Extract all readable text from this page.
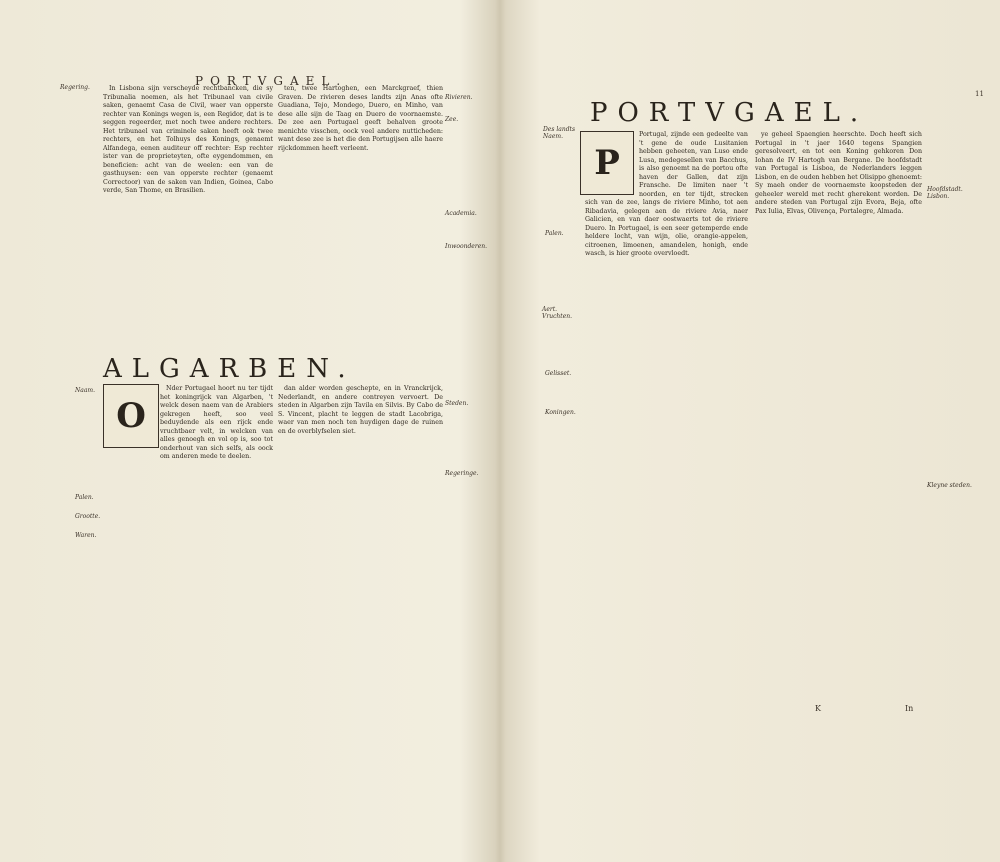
PORTVGAEL.
Regering.
Rivieren.
Zee.
Academia.
Inwoonderen.

In Lisbona sijn verscheyde rechtbancken, die sy Tribunalia noemen, als het Tribunael van civile saken, genaemt Casa de Civil, waer van opperste rechter van Konings wegen is, een Regidor, dat is te seggen regeerder, met noch twee andere rechters. Het tribunael van criminele saken heeft ook twee rechters, en het Tolhuys des Konings, genaemt Alfandega, eenen auditeur off rechter: Esp rechter ister van de proprieteyten, ofte eygendommen, en beneficien: acht van de weelen: een van de gasthuysen: een van opperste rechter (genaemt Correctoor) van de saken van Indien, Goinea, Cabo verde, San Thome, en Brasilien.

ten, twee Hartoghen, een Marckgraef, thien Graven. De rivieren deses landts zijn Anas ofte Guadiana, Tejo, Mondego, Duero, en Minho, van dese alle sijn de Taag en Duero de voornaemste. De zee aen Portugael geeft behalven groote menichte visschen, oock veel andere nutticheden: want dese zee is het die den Portugijsen alle haere rijckdommen heeft verleent.

ALGARBEN.
Naam.
Steden.
Regeringe.
Palen.
Grootte.
Waren.
O

Nder Portugael hoort nu ter tijdt het koningrijck van Algarben, 't welck desen naem van de Arabiers gekregen heeft, soo veel beduydende als een rijck ende vruchtbaer velt, in welcken van alles genoegh en vol op is, soo tot onderhout van sich selfs, als oock om anderen mede te deelen.

dan alder worden geschepte, en in Vranckrijck, Nederlandt, en andere contreyen vervoert. De steden in Algarben zijn Tavila en Silvis. By Cabo de S. Vincent, placht te leggen de stadt Lacobriga, waer van men noch ten huydigen dage de ruinen en de overblyfselen siet.

PORTVGAEL.
11
Des landts Naem.
Palen.
Aert. Vruchten.
Gelisset.
Koningen.
Hoofdstadt. Lisbon.
Kleyne steden.
P

Portugal, zijnde een gedeelte van 't gene de oude Lusitanien hebben geheeten, van Luso ende Lusa, medegesellen van Bacchus, is also genoemt na de portou ofte haven der Gallen, dat zijn Fransche. De limiten naer 't noorden, en ter tijdt, strecken sich van de zee, langs de riviere Minho, tot aen Ribadavia, gelegen aen de riviere Avia, naer Galicien, en van daer oostwaerts tot de riviere Duero. In Portugael, is een seer getemperde ende heldere locht, van wijn, olie, orangie-appelen, citroenen, limoenen, amandelen, honigh, ende wasch, is hier groote overvloedt.

ye geheel Spaengien heerschte. Doch heeft sich Portugal in 't jaer 1640 tegens Spangien geresolveert, en tot een Koning gehkoren Don Iohan de IV Hartogh van Bergane. De hoofdstadt van Portugal is Lisboa, de Nederlanders leggen Lisbon, en de ouden hebben het Olisippo ghenoemt: Sy maeh onder de voornaemste koopsteden der geheeler wereld met recht gherekent worden. De andere steden van Portugal zijn Evora, Beja, ofte Pax Iulia, Elvas, Olivença, Portalegre, Almada.

K	In
